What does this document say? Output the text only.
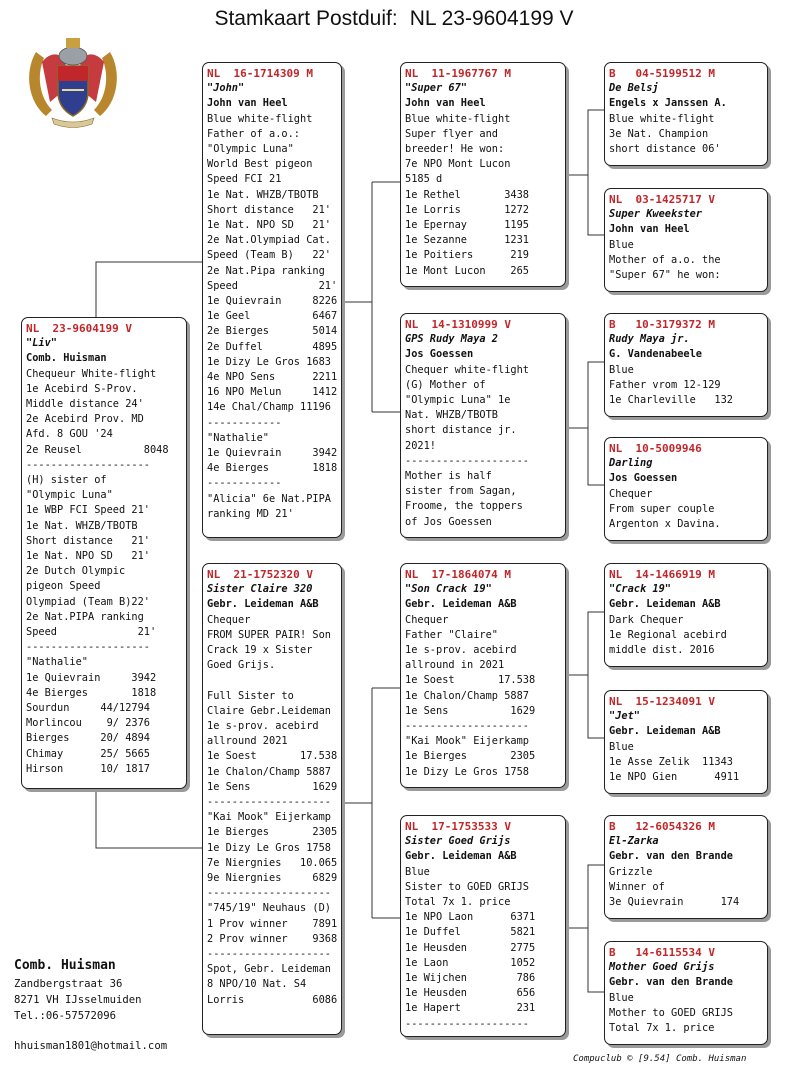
Stamkaart Postduif: NL 23-9604199 V
NL  23-9604199 V
"Liv"
Comb. Huisman
Chequeur White-flight
1e Acebird S-Prov.
Middle distance 24'
2e Acebird Prov. MD
Afd. 8 GOU '24
2e Reusel          8048
--------------------
(H) sister of
"Olympic Luna"
1e WBP FCI Speed 21'
1e Nat. WHZB/TBOTB
Short distance   21'
1e Nat. NPO SD   21'
2e Dutch Olympic
pigeon Speed
Olympiad (Team B)22'
2e Nat.PIPA ranking
Speed             21'
--------------------
"Nathalie"
1e Quievrain     3942
4e Bierges       1818
Sourdun     44/12794
Morlincou    9/ 2376
Bierges     20/ 4894
Chimay      25/ 5665
Hirson      10/ 1817
NL  16-1714309 M
"John"
John van Heel
Blue white-flight
Father of a.o.:
"Olympic Luna"
World Best pigeon
Speed FCI 21
1e Nat. WHZB/TBOTB
Short distance   21'
1e Nat. NPO SD   21'
2e Nat.Olympiad Cat.
Speed (Team B)   22'
2e Nat.Pipa ranking
Speed             21'
1e Quievrain     8226
1e Geel          6467
2e Bierges       5014
2e Duffel        4895
1e Dizy Le Gros 1683
4e NPO Sens      2211
16 NPO Melun     1412
14e Chal/Champ 11196
------------
"Nathalie"
1e Quievrain     3942
4e Bierges       1818
------------
"Alicia" 6e Nat.PIPA
ranking MD 21'
NL  21-1752320 V
Sister Claire 320
Gebr. Leideman A&B
Chequer
FROM SUPER PAIR! Son
Crack 19 x Sister
Goed Grijs.

Full Sister to
Claire Gebr.Leideman
1e s-prov. acebird
allround 2021
1e Soest       17.538
1e Chalon/Champ 5887
1e Sens          1629
--------------------
"Kai Mook" Eijerkamp
1e Bierges       2305
1e Dizy Le Gros 1758
7e Niergnies   10.065
9e Niergnies     6829
--------------------
"745/19" Neuhaus (D)
1 Prov winner    7891
2 Prov winner    9368
--------------------
Spot, Gebr. Leideman
8 NPO/10 Nat. S4
Lorris           6086
NL  11-1967767 M
"Super 67"
John van Heel
Blue white-flight
Super flyer and
breeder! He won:
7e NPO Mont Lucon
5185 d
1e Rethel       3438
1e Lorris       1272
1e Epernay      1195
1e Sezanne      1231
1e Poitiers      219
1e Mont Lucon    265
NL  14-1310999 V
GPS Rudy Maya 2
Jos Goessen
Chequer white-flight
(G) Mother of
"Olympic Luna" 1e
Nat. WHZB/TBOTB
short distance jr.
2021!
--------------------
Mother is half
sister from Sagan,
Froome, the toppers
of Jos Goessen
NL  17-1864074 M
"Son Crack 19"
Gebr. Leideman A&B
Chequer
Father "Claire"
1e s-prov. acebird
allround in 2021
1e Soest       17.538
1e Chalon/Champ 5887
1e Sens          1629
--------------------
"Kai Mook" Eijerkamp
1e Bierges       2305
1e Dizy Le Gros 1758
NL  17-1753533 V
Sister Goed Grijs
Gebr. Leideman A&B
Blue
Sister to GOED GRIJS
Total 7x 1. price
1e NPO Laon      6371
1e Duffel        5821
1e Heusden       2775
1e Laon          1052
1e Wijchen        786
1e Heusden        656
1e Hapert         231
--------------------
B   04-5199512 M
De Belsj
Engels x Janssen A.
Blue white-flight
3e Nat. Champion
short distance 06'
NL  03-1425717 V
Super Kweekster
John van Heel
Blue
Mother of a.o. the
"Super 67" he won:
B   10-3179372 M
Rudy Maya jr.
G. Vandenabeele
Blue
Father vrom 12-129
1e Charleville   132
NL  10-5009946
Darling
Jos Goessen
Chequer
From super couple
Argenton x Davina.
NL  14-1466919 M
"Crack 19"
Gebr. Leideman A&B
Dark Chequer
1e Regional acebird
middle dist. 2016
NL  15-1234091 V
"Jet"
Gebr. Leideman A&B
Blue
1e Asse Zelik  11343
1e NPO Gien      4911
B   12-6054326 M
El-Zarka
Gebr. van den Brande
Grizzle
Winner of
3e Quievrain      174
B   14-6115534 V
Mother Goed Grijs
Gebr. van den Brande
Blue
Mother to GOED GRIJS
Total 7x 1. price
Comb. Huisman
Zandbergstraat 36
8271 VH IJsselmuiden
Tel.:06-57572096
hhuisman1801@hotmail.com
Compuclub © [9.54] Comb. Huisman
